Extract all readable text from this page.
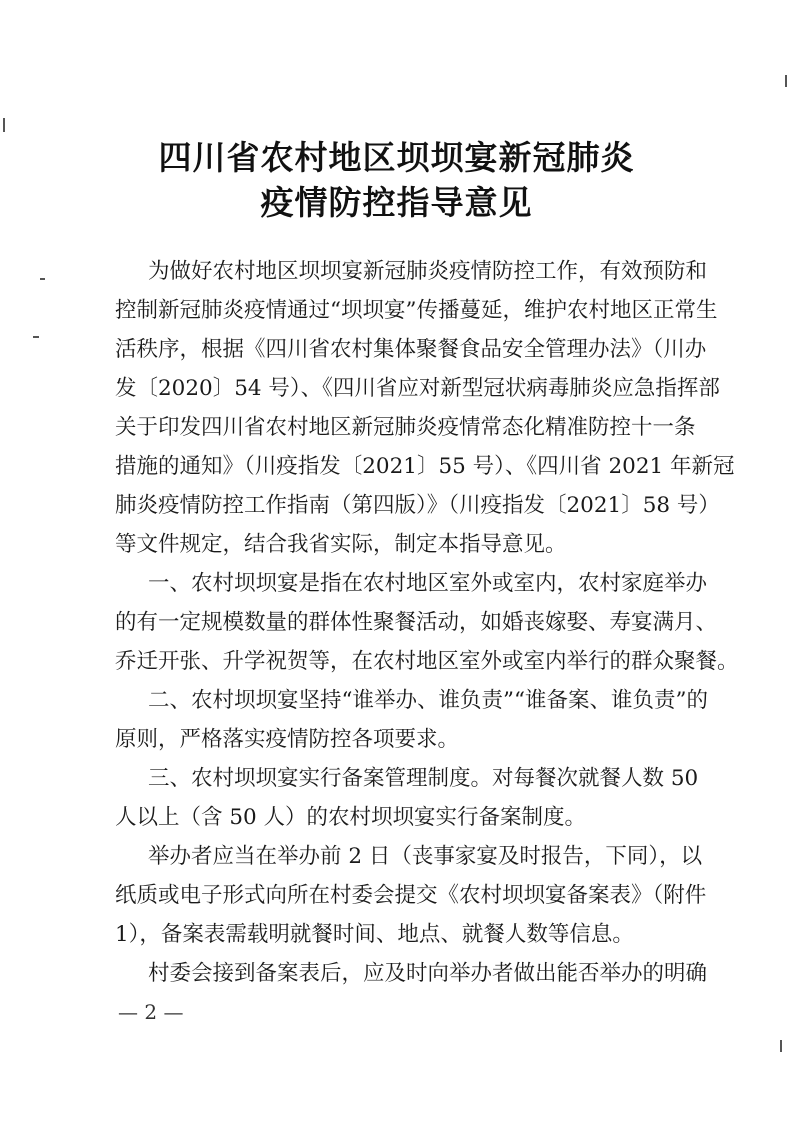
四川省农村地区坝坝宴新冠肺炎
疫情防控指导意见
为做好农村地区坝坝宴新冠肺炎疫情防控工作，有效预防和
控制新冠肺炎疫情通过“坝坝宴”传播蔓延，维护农村地区正常生
活秩序，根据《四川省农村集体聚餐食品安全管理办法》（川办
发〔2020〕54 号）、《四川省应对新型冠状病毒肺炎应急指挥部
关于印发四川省农村地区新冠肺炎疫情常态化精准防控十一条
措施的通知》（川疫指发〔2021〕55 号）、《四川省 2021 年新冠
肺炎疫情防控工作指南（第四版）》（川疫指发〔2021〕58 号）
等文件规定，结合我省实际，制定本指导意见。
一、农村坝坝宴是指在农村地区室外或室内，农村家庭举办
的有一定规模数量的群体性聚餐活动，如婚丧嫁娶、寿宴满月、
乔迁开张、升学祝贺等，在农村地区室外或室内举行的群众聚餐。
二、农村坝坝宴坚持“谁举办、谁负责”“谁备案、谁负责”的
原则，严格落实疫情防控各项要求。
三、农村坝坝宴实行备案管理制度。对每餐次就餐人数 50
人以上（含 50 人）的农村坝坝宴实行备案制度。
举办者应当在举办前 2 日（丧事家宴及时报告，下同），以
纸质或电子形式向所在村委会提交《农村坝坝宴备案表》（附件
1），备案表需载明就餐时间、地点、就餐人数等信息。
村委会接到备案表后，应及时向举办者做出能否举办的明确
— 2 —
